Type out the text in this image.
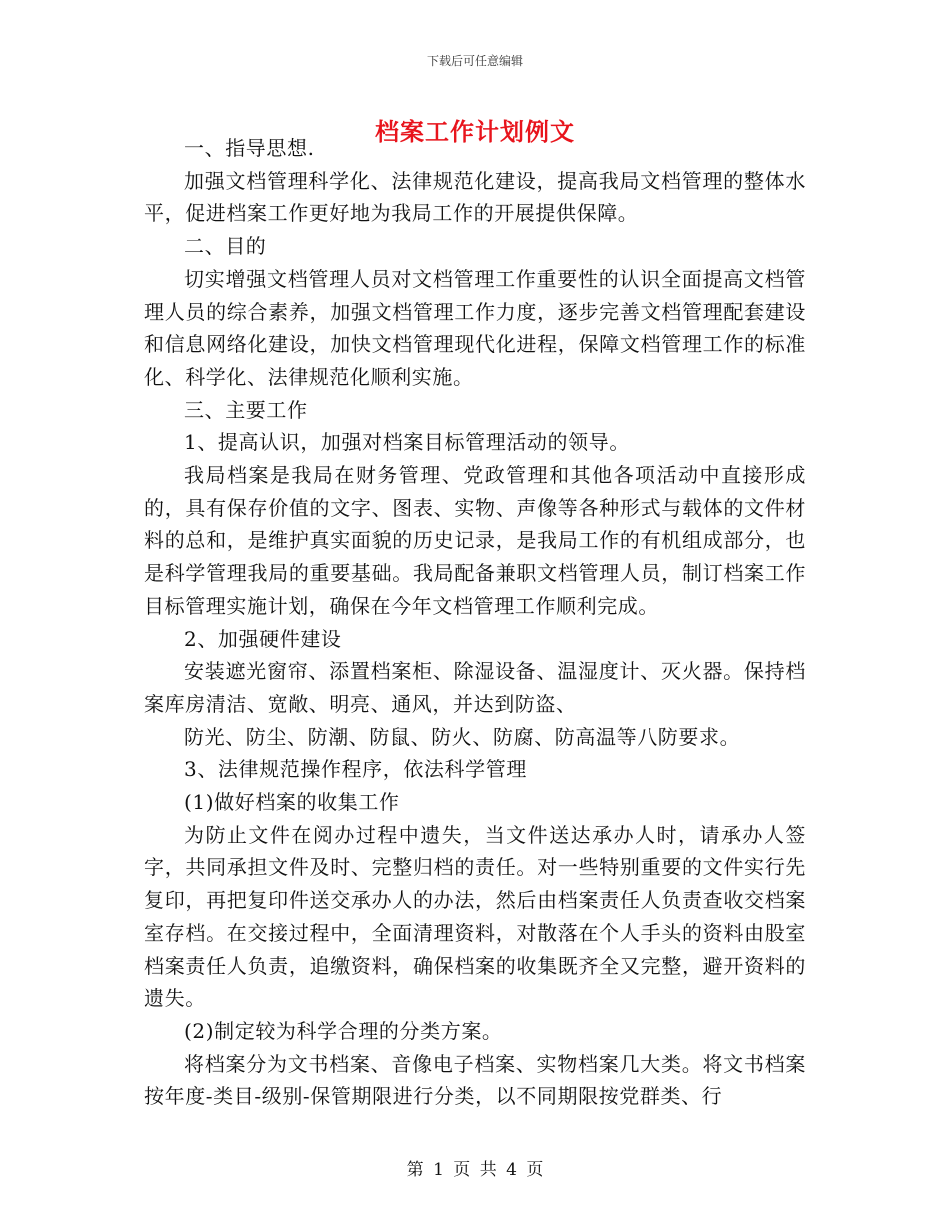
下载后可任意编辑
档案工作计划例文

一、指导思想.

加强文档管理科学化、法律规范化建设，提高我局文档管理的整体水平，促进档案工作更好地为我局工作的开展提供保障。

二、目的

切实增强文档管理人员对文档管理工作重要性的认识全面提高文档管理人员的综合素养，加强文档管理工作力度，逐步完善文档管理配套建设和信息网络化建设，加快文档管理现代化进程，保障文档管理工作的标准化、科学化、法律规范化顺利实施。

三、主要工作

1、提高认识，加强对档案目标管理活动的领导。

我局档案是我局在财务管理、党政管理和其他各项活动中直接形成的，具有保存价值的文字、图表、实物、声像等各种形式与载体的文件材料的总和，是维护真实面貌的历史记录，是我局工作的有机组成部分，也是科学管理我局的重要基础。我局配备兼职文档管理人员，制订档案工作目标管理实施计划，确保在今年文档管理工作顺利完成。

2、加强硬件建设

安装遮光窗帘、添置档案柜、除湿设备、温湿度计、灭火器。保持档案库房清洁、宽敞、明亮、通风，并达到防盗、

防光、防尘、防潮、防鼠、防火、防腐、防高温等八防要求。

3、法律规范操作程序，依法科学管理

(1)做好档案的收集工作

为防止文件在阅办过程中遗失，当文件送达承办人时，请承办人签字，共同承担文件及时、完整归档的责任。对一些特别重要的文件实行先复印，再把复印件送交承办人的办法，然后由档案责任人负责查收交档案室存档。在交接过程中，全面清理资料，对散落在个人手头的资料由股室档案责任人负责，追缴资料，确保档案的收集既齐全又完整，避开资料的遗失。

(2)制定较为科学合理的分类方案。

将档案分为文书档案、音像电子档案、实物档案几大类。将文书档案按年度-类目-级别-保管期限进行分类，以不同期限按党群类、行

第 1 页 共 4 页
